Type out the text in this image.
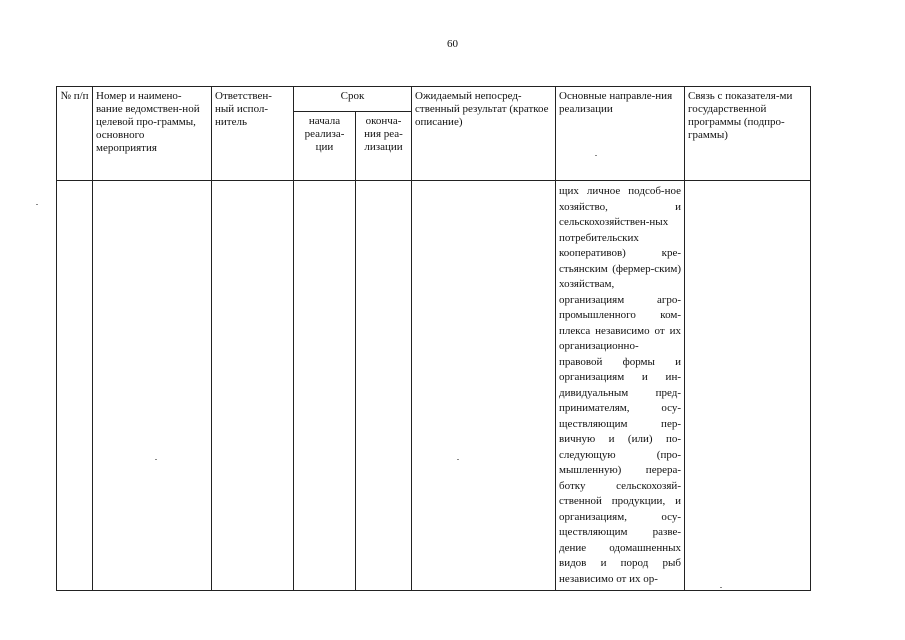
60
№ п/п	Номер и наимено-вание ведомствен-ной целевой про-граммы, основного мероприятия	Ответствен-ный испол-нитель	Срок		Ожидаемый непосред-ственный результат (краткое описание)	Основные направле-ния реализации	Связь с показателя-ми государственной программы (подпро-граммы)
			начала реализа-ции	оконча-ния реа-лизации			
						щих личное подсоб-ное хозяйство, и сельскохозяйствен-ных потребительских кооперативов) кре-стьянским (фермер-ским) хозяйствам, организациям агро-промышленного ком-плекса независимо от их организационно-правовой формы и организациям и ин-дивидуальным пред-принимателям, осу-ществляющим пер-вичную и (или) по-следующую (про-мышленную) перера-ботку сельскохозяй-ственной продукции, и организациям, осу-ществляющим разве-дение одомашненных видов и пород рыб независимо от их ор-	
